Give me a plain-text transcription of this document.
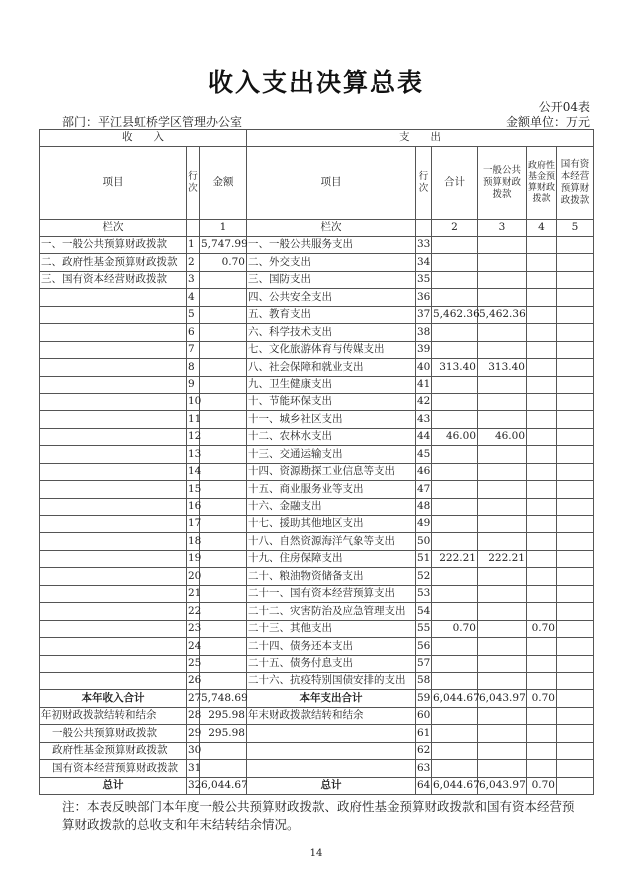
收入支出决算总表
公开04表
部门：平江县虹桥学区管理办公室	金额单位：万元
收　　入			支　　出					
项目	行次	金额	项目	行次	合计	一般公共预算财政拨款	政府性基金预算财政拨款	国有资本经营预算财政拨款
栏次		1	栏次		2	3	4	5
一、一般公共预算财政拨款	1	5,747.99	一、一般公共服务支出	33				
二、政府性基金预算财政拨款	2	0.70	二、外交支出	34				
三、国有资本经营财政拨款	3		三、国防支出	35				
	4		四、公共安全支出	36				
	5		五、教育支出	37	5,462.36	5,462.36		
	6		六、科学技术支出	38				
	7		七、文化旅游体育与传媒支出	39				
	8		八、社会保障和就业支出	40	313.40	313.40		
	9		九、卫生健康支出	41				
	10		十、节能环保支出	42				
	11		十一、城乡社区支出	43				
	12		十二、农林水支出	44	46.00	46.00		
	13		十三、交通运输支出	45				
	14		十四、资源勘探工业信息等支出	46				
	15		十五、商业服务业等支出	47				
	16		十六、金融支出	48				
	17		十七、援助其他地区支出	49				
	18		十八、自然资源海洋气象等支出	50				
	19		十九、住房保障支出	51	222.21	222.21		
	20		二十、粮油物资储备支出	52				
	21		二十一、国有资本经营预算支出	53				
	22		二十二、灾害防治及应急管理支出	54				
	23		二十三、其他支出	55	0.70		0.70	
	24		二十四、债务还本支出	56				
	25		二十五、债务付息支出	57				
	26		二十六、抗疫特别国债安排的支出	58				
本年收入合计	27	5,748.69	本年支出合计	59	6,044.67	6,043.97	0.70	
年初财政拨款结转和结余	28	295.98	年末财政拨款结转和结余	60				
一般公共预算财政拨款	29	295.98		61				
政府性基金预算财政拨款	30			62				
国有资本经营预算财政拨款	31			63				
总计	32	6,044.67	总计	64	6,044.67	6,043.97	0.70	
注：本表反映部门本年度一般公共预算财政拨款、政府性基金预算财政拨款和国有资本经营预算财政拨款的总收支和年末结转结余情况。
14
